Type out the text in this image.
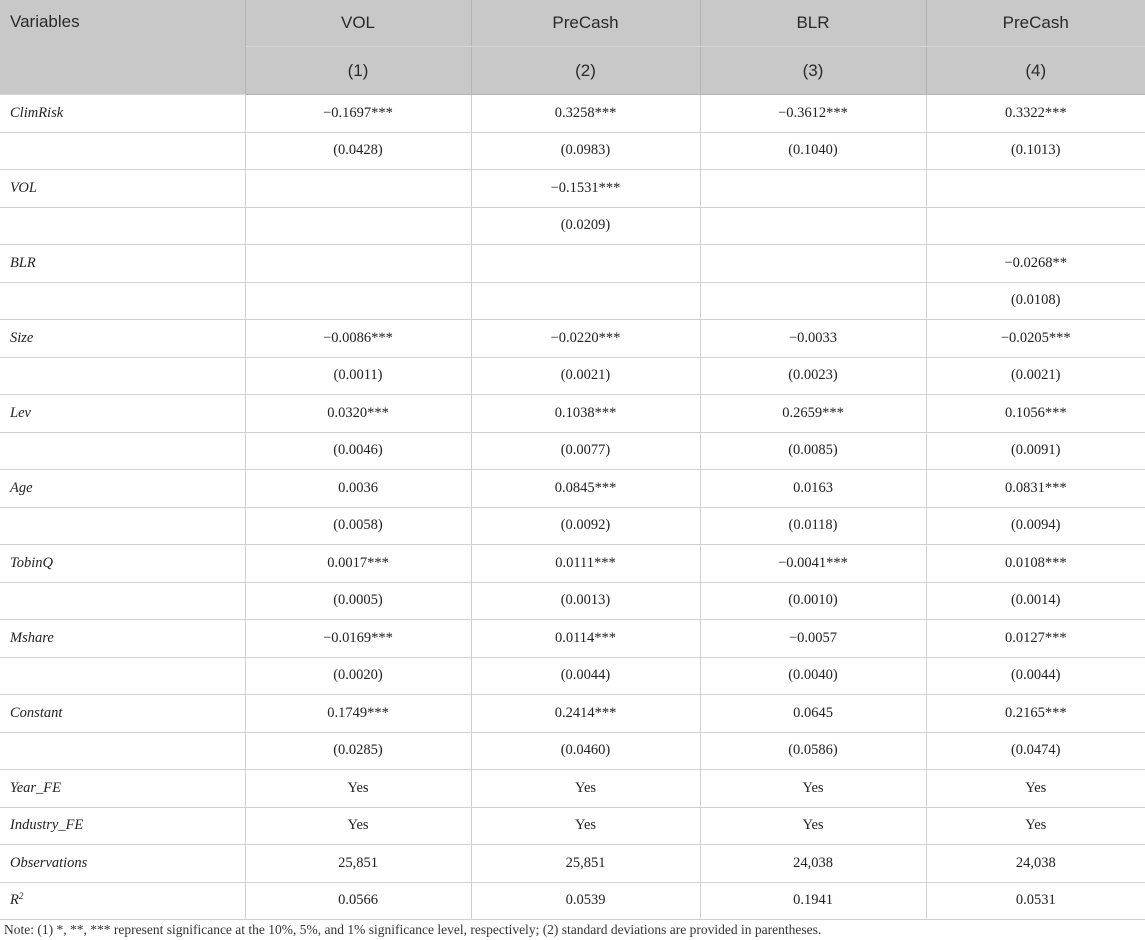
Variables	VOL	PreCash	BLR	PreCash
	(1)	(2)	(3)	(4)
ClimRisk	−0.1697***	0.3258***	−0.3612***	0.3322***
	(0.0428)	(0.0983)	(0.1040)	(0.1013)
VOL		−0.1531***		
		(0.0209)		
BLR				−0.0268**
				(0.0108)
Size	−0.0086***	−0.0220***	−0.0033	−0.0205***
	(0.0011)	(0.0021)	(0.0023)	(0.0021)
Lev	0.0320***	0.1038***	0.2659***	0.1056***
	(0.0046)	(0.0077)	(0.0085)	(0.0091)
Age	0.0036	0.0845***	0.0163	0.0831***
	(0.0058)	(0.0092)	(0.0118)	(0.0094)
TobinQ	0.0017***	0.0111***	−0.0041***	0.0108***
	(0.0005)	(0.0013)	(0.0010)	(0.0014)
Mshare	−0.0169***	0.0114***	−0.0057	0.0127***
	(0.0020)	(0.0044)	(0.0040)	(0.0044)
Constant	0.1749***	0.2414***	0.0645	0.2165***
	(0.0285)	(0.0460)	(0.0586)	(0.0474)
Year_FE	Yes	Yes	Yes	Yes
Industry_FE	Yes	Yes	Yes	Yes
Observations	25,851	25,851	24,038	24,038
$R^2$	0.0566	0.0539	0.1941	0.0531
Note: (1) *, **, *** represent significance at the 10%, 5%, and 1% significance level, respectively; (2) standard deviations are provided in parentheses.
